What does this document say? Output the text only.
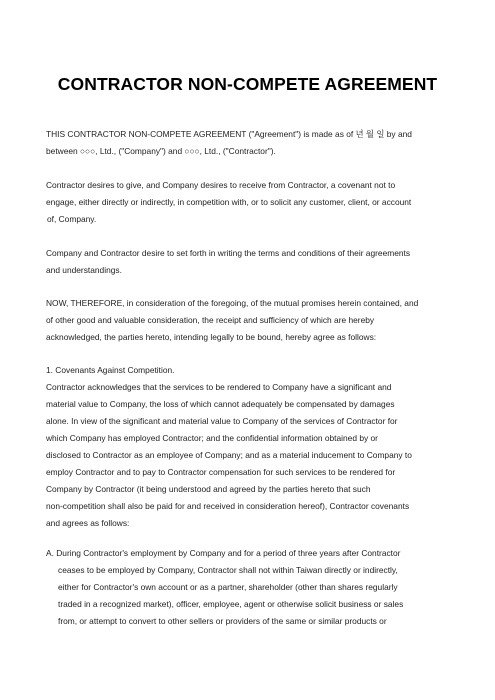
CONTRACTOR NON-COMPETE AGREEMENT
THIS CONTRACTOR NON-COMPETE AGREEMENT ("Agreement") is made as of 년 월 일 by and
between ○○○, Ltd., ("Company") and ○○○, Ltd., ("Contractor").
Contractor desires to give, and Company desires to receive from Contractor, a covenant not to
engage, either directly or indirectly, in competition with, or to solicit any customer, client, or account
of, Company.
Company and Contractor desire to set forth in writing the terms and conditions of their agreements
and understandings.
NOW, THEREFORE, in consideration of the foregoing, of the mutual promises herein contained, and
of other good and valuable consideration, the receipt and sufficiency of which are hereby
acknowledged, the parties hereto, intending legally to be bound, hereby agree as follows:
1. Covenants Against Competition.
Contractor acknowledges that the services to be rendered to Company have a significant and
material value to Company, the loss of which cannot adequately be compensated by damages
alone. In view of the significant and material value to Company of the services of Contractor for
which Company has employed Contractor; and the confidential information obtained by or
disclosed to Contractor as an employee of Company; and as a material inducement to Company to
employ Contractor and to pay to Contractor compensation for such services to be rendered for
Company by Contractor (it being understood and agreed by the parties hereto that such
non-competition shall also be paid for and received in consideration hereof), Contractor covenants
and agrees as follows:
A. During Contractor's employment by Company and for a period of three years after Contractor
ceases to be employed by Company, Contractor shall not within Taiwan directly or indirectly,
either for Contractor's own account or as a partner, shareholder (other than shares regularly
traded in a recognized market), officer, employee, agent or otherwise solicit business or sales
from, or attempt to convert to other sellers or providers of the same or similar products or
